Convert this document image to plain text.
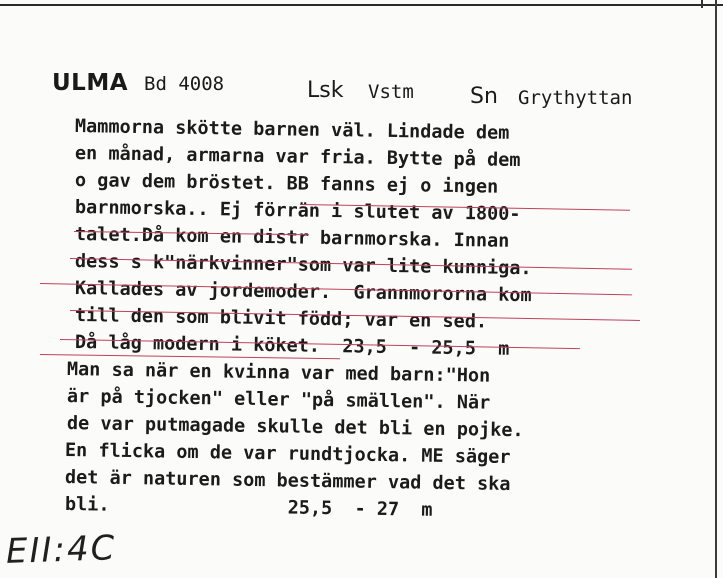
ULMA Bd 4008	Lsk Vstm	Sn Grythyttan
Mammorna skötte barnen väl. Lindade dem
en månad, armarna var fria. Bytte på dem
o gav dem bröstet. BB fanns ej o ingen
barnmorska.. Ej förrän i slutet av 1800-
talet.Då kom en distr barnmorska. Innan
dess s k"närkvinner"som var lite kunniga.
Kallades av jordemoder.  Grannmororna kom
till den som blivit född; var en sed.
Då låg modern i köket.  23,5  - 25,5  m
Man sa när en kvinna var med barn:"Hon
är på tjocken" eller "på smällen". När
de var putmagade skulle det bli en pojke.
En flicka om de var rundtjocka. ME säger
det är naturen som bestämmer vad det ska
bli.                25,5  - 27  m
EII:4C
